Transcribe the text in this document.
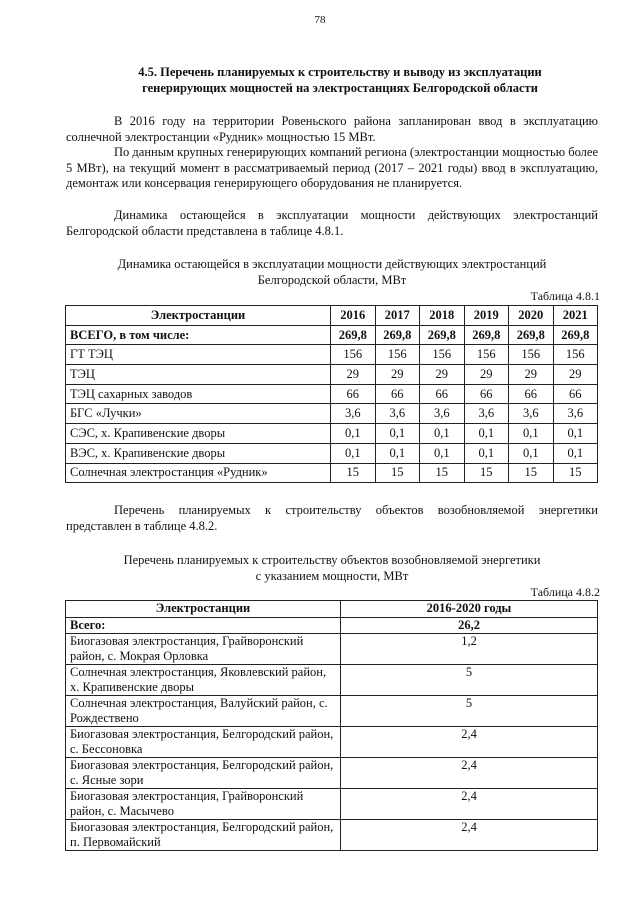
78
4.5. Перечень планируемых к строительству и выводу из эксплуатации
генерирующих мощностей на электростанциях Белгородской области

В 2016 году на территории Ровеньского района запланирован ввод в эксплуатацию солнечной электростанции «Рудник» мощностью 15 МВт.

По данным крупных генерирующих компаний региона (электростанции мощностью более 5 МВт), на текущий момент в рассматриваемый период (2017 – 2021 годы) ввод в эксплуатацию, демонтаж или консервация генерирующего оборудования не планируется.

Динамика остающейся в эксплуатации мощности действующих электростанций Белгородской области представлена в таблице 4.8.1.

Динамика остающейся в эксплуатации мощности действующих электростанций
Белгородской области, МВт
Таблица 4.8.1
Электростанции	2016	2017	2018	2019	2020	2021
ВСЕГО, в том числе:	269,8	269,8	269,8	269,8	269,8	269,8
ГТ ТЭЦ	156	156	156	156	156	156
ТЭЦ	29	29	29	29	29	29
ТЭЦ сахарных заводов	66	66	66	66	66	66
БГС «Лучки»	3,6	3,6	3,6	3,6	3,6	3,6
СЭС, х. Крапивенские дворы	0,1	0,1	0,1	0,1	0,1	0,1
ВЭС, х. Крапивенские дворы	0,1	0,1	0,1	0,1	0,1	0,1
Солнечная электростанция «Рудник»	15	15	15	15	15	15

Перечень планируемых к строительству объектов возобновляемой энергетики представлен в таблице 4.8.2.

Перечень планируемых к строительству объектов возобновляемой энергетики
с указанием мощности, МВт
Таблица 4.8.2
Электростанции	2016-2020 годы
Всего:	26,2
Биогазовая электростанция, Грайворонский район, с. Мокрая Орловка	1,2
Солнечная электростанция, Яковлевский район, х. Крапивенские дворы	5
Солнечная электростанция, Валуйский район, с. Рождествено	5
Биогазовая электростанция, Белгородский район, с. Бессоновка	2,4
Биогазовая электростанция, Белгородский район, с. Ясные зори	2,4
Биогазовая электростанция, Грайворонский район, с. Масычево	2,4
Биогазовая электростанция, Белгородский район, п. Первомайский	2,4
